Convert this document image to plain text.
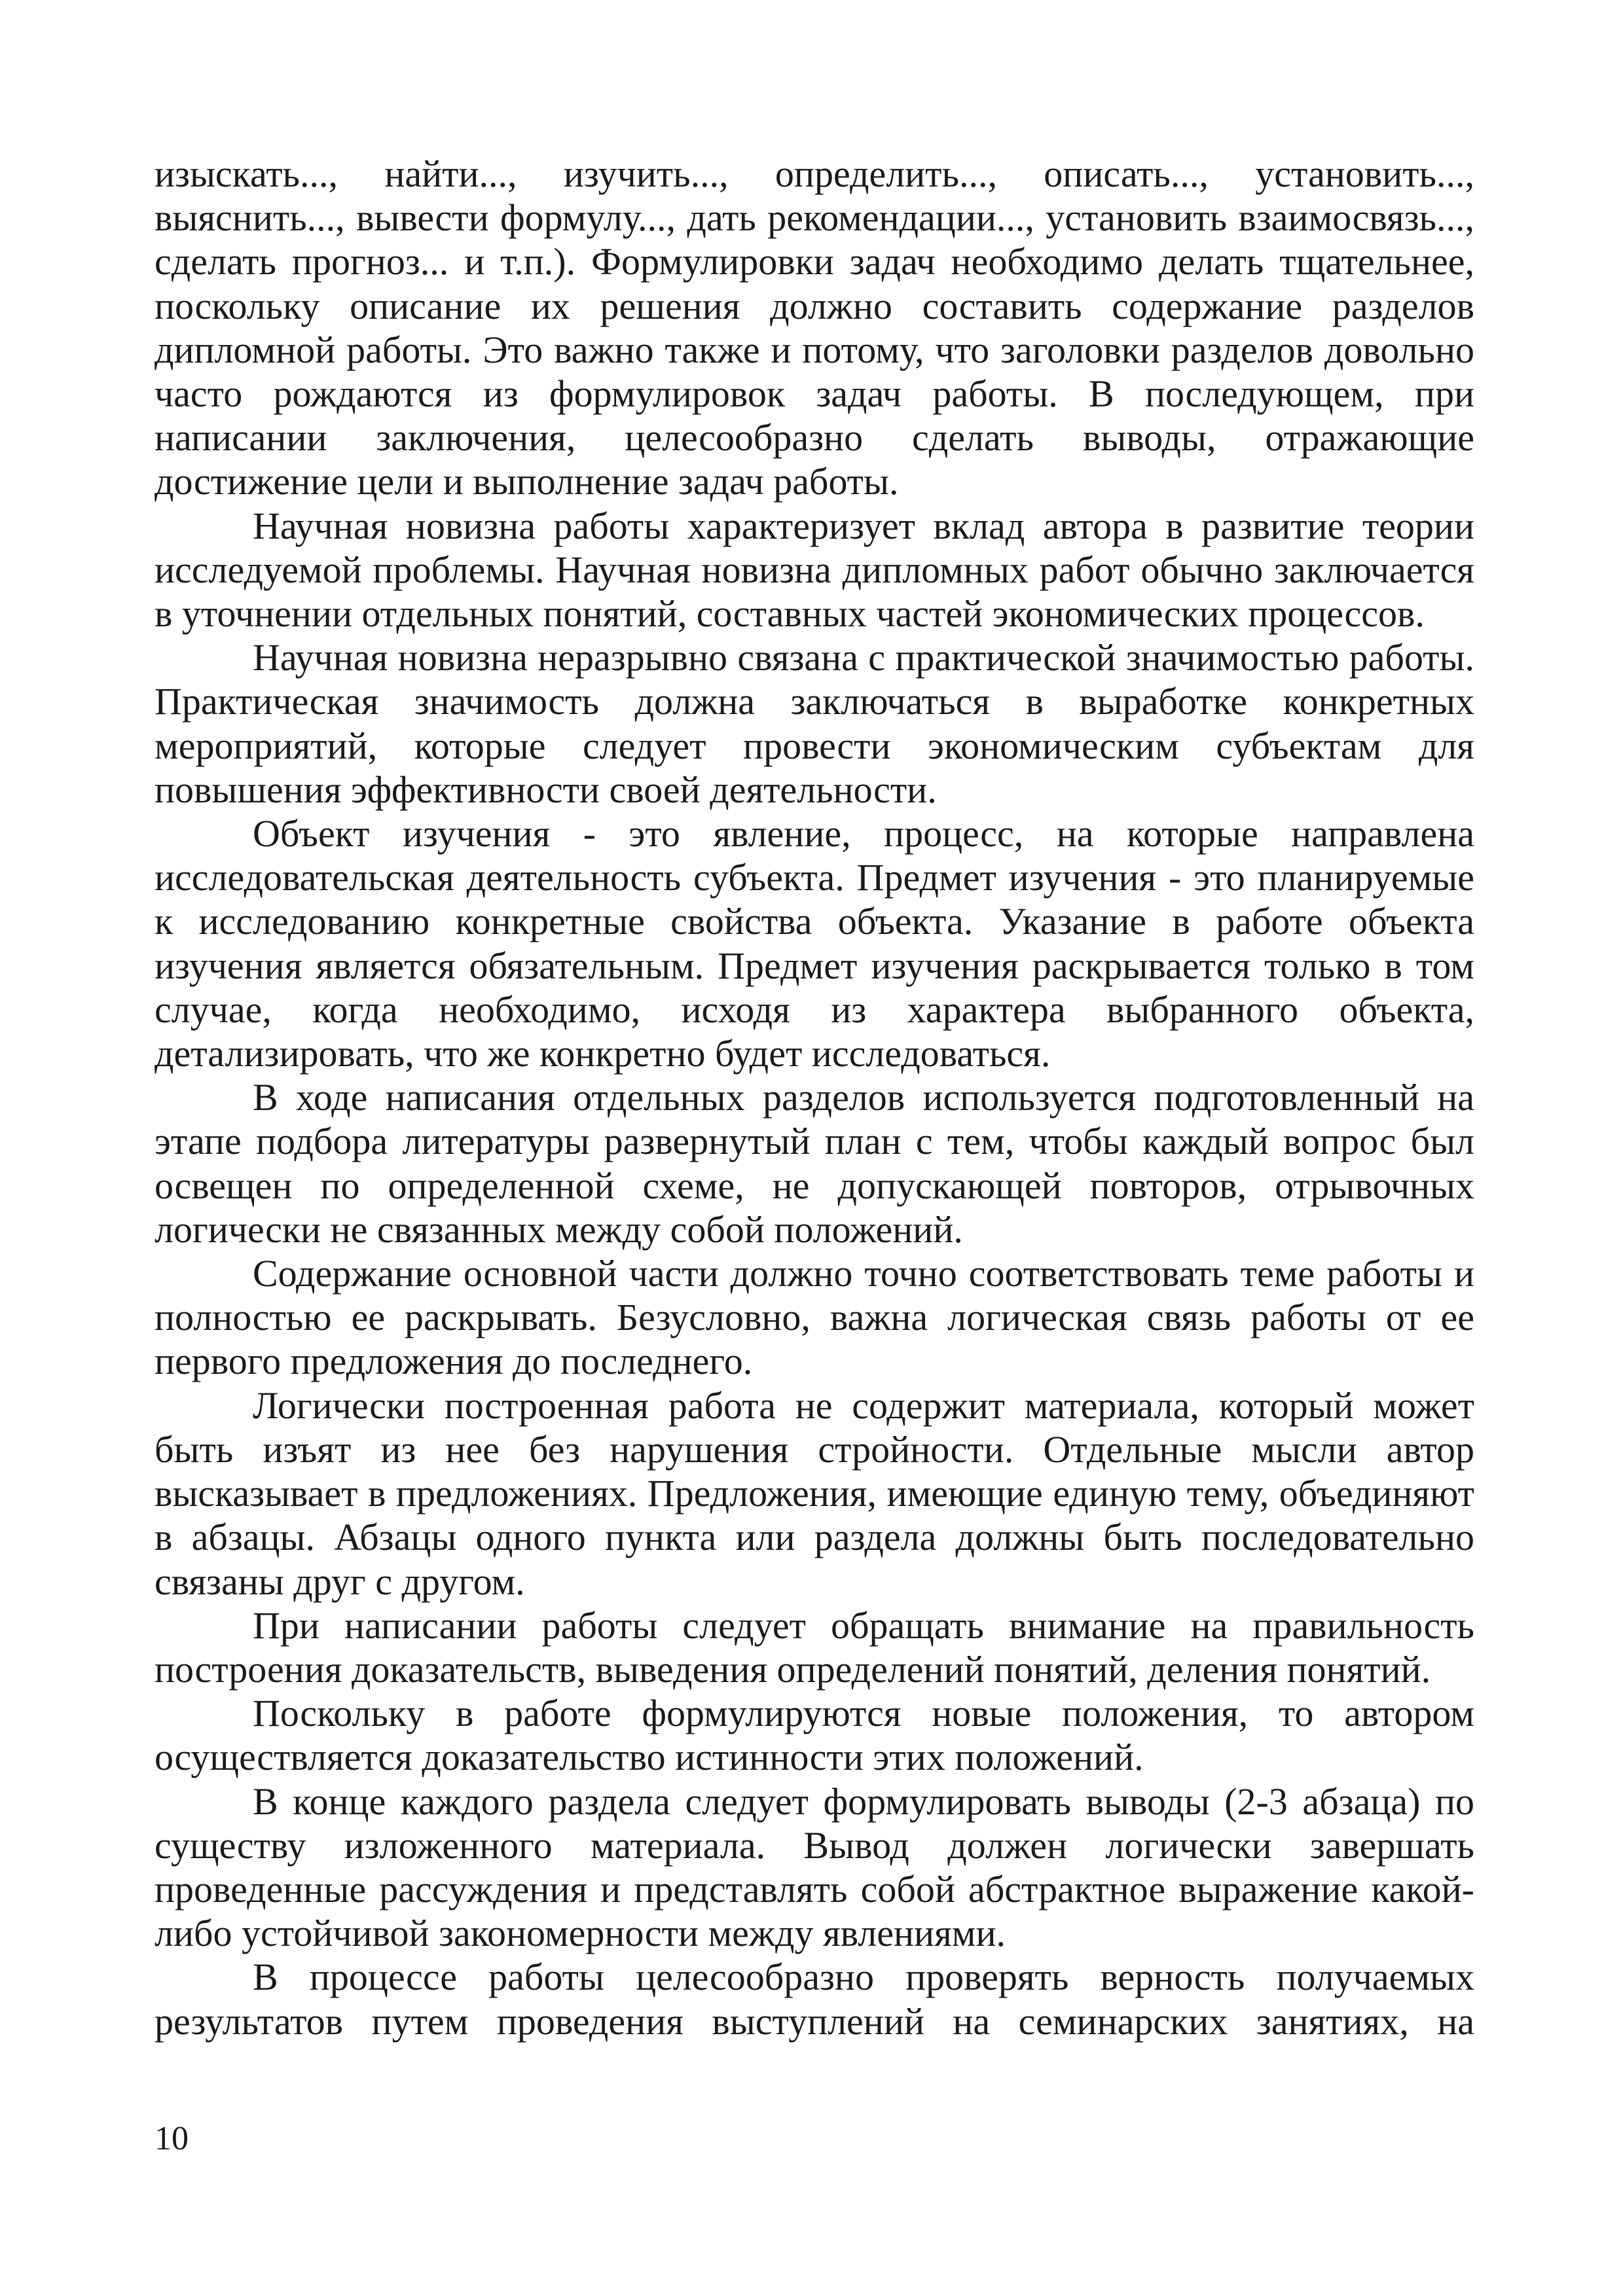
изыскать..., найти..., изучить..., определить..., описать..., установить..., выяснить..., вывести формулу..., дать рекомендации..., установить взаимосвязь..., сделать прогноз... и т.п.). Формулировки задач необходимо делать тщательнее, поскольку описание их решения должно составить содержание разделов дипломной работы. Это важно также и потому, что заголовки разделов довольно часто рождаются из формулировок задач работы. В последующем, при написании заключения, целесообразно сделать выводы, отражающие достижение цели и выполнение задач работы.

Научная новизна работы характеризует вклад автора в развитие теории исследуемой проблемы. Научная новизна дипломных работ обычно заключается в уточнении отдельных понятий, составных частей экономических процессов.

Научная новизна неразрывно связана с практической значимостью работы. Практическая значимость должна заключаться в выработке конкретных мероприятий, которые следует провести экономическим субъектам для повышения эффективности своей деятельности.

Объект изучения - это явление, процесс, на которые направлена исследовательская деятельность субъекта. Предмет изучения - это планируемые к исследованию конкретные свойства объекта. Указание в работе объекта изучения является обязательным. Предмет изучения раскрывается только в том случае, когда необходимо, исходя из характера выбранного объекта, детализировать, что же конкретно будет исследоваться.

В ходе написания отдельных разделов используется подготовленный на этапе подбора литературы развернутый план с тем, чтобы каждый вопрос был освещен по определенной схеме, не допускающей повторов, отрывочных логически не связанных между собой положений.

Содержание основной части должно точно соответствовать теме работы и полностью ее раскрывать. Безусловно, важна логическая связь работы от ее первого предложения до последнего.

Логически построенная работа не содержит материала, который может быть изъят из нее без нарушения стройности. Отдельные мысли автор высказывает в предложениях. Предложения, имеющие единую тему, объединяют в абзацы. Абзацы одного пункта или раздела должны быть последовательно связаны друг с другом.

При написании работы следует обращать внимание на правильность построения доказательств, выведения определений понятий, деления понятий.

Поскольку в работе формулируются новые положения, то автором осуществляется доказательство истинности этих положений.

В конце каждого раздела следует формулировать выводы (2-3 абзаца) по существу изложенного материала. Вывод должен логически завершать проведенные рассуждения и представлять собой абстрактное выражение какой-либо устойчивой закономерности между явлениями.

В процессе работы целесообразно проверять верность получаемых результатов путем проведения выступлений на семинарских занятиях, на

10
